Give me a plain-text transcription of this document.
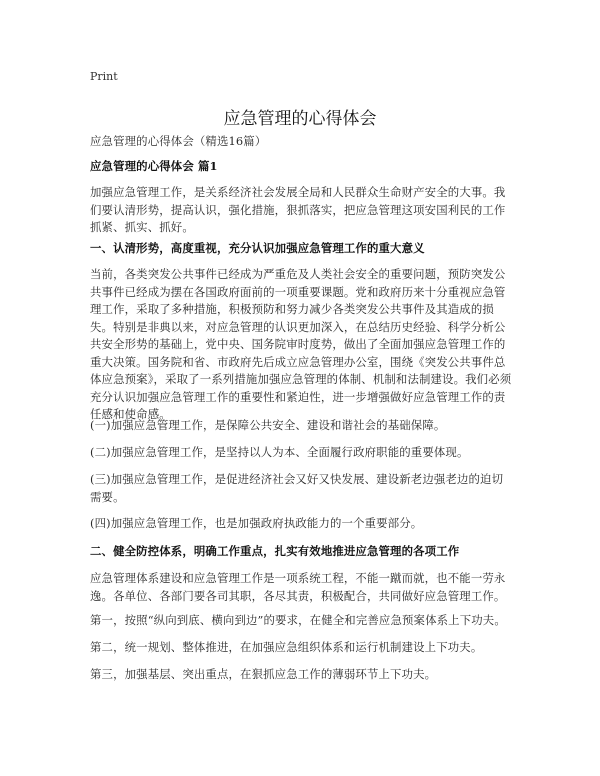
Print
应急管理的心得体会

应急管理的心得体会（精选16篇）

应急管理的心得体会 篇1

加强应急管理工作，是关系经济社会发展全局和人民群众生命财产安全的大事。我们要认清形势，提高认识，强化措施，狠抓落实，把应急管理这项安国利民的工作抓紧、抓实、抓好。

一、认清形势，高度重视，充分认识加强应急管理工作的重大意义

当前，各类突发公共事件已经成为严重危及人类社会安全的重要问题，预防突发公共事件已经成为摆在各国政府面前的一项重要课题。党和政府历来十分重视应急管理工作，采取了多种措施，积极预防和努力减少各类突发公共事件及其造成的损失。特别是非典以来，对应急管理的认识更加深入，在总结历史经验、科学分析公共安全形势的基础上，党中央、国务院审时度势，做出了全面加强应急管理工作的重大决策。国务院和省、市政府先后成立应急管理办公室，围绕《突发公共事件总体应急预案》，采取了一系列措施加强应急管理的体制、机制和法制建设。我们必须充分认识加强应急管理工作的重要性和紧迫性，进一步增强做好应急管理工作的责任感和使命感。

(一)加强应急管理工作，是保障公共安全、建设和谐社会的基础保障。

(二)加强应急管理工作，是坚持以人为本、全面履行政府职能的重要体现。

(三)加强应急管理工作，是促进经济社会又好又快发展、建设新老边强老边的迫切需要。

(四)加强应急管理工作，也是加强政府执政能力的一个重要部分。

二、健全防控体系，明确工作重点，扎实有效地推进应急管理的各项工作

应急管理体系建设和应急管理工作是一项系统工程，不能一蹴而就，也不能一劳永逸。各单位、各部门要各司其职，各尽其责，积极配合，共同做好应急管理工作。

第一，按照“纵向到底、横向到边”的要求，在健全和完善应急预案体系上下功夫。

第二，统一规划、整体推进，在加强应急组织体系和运行机制建设上下功夫。

第三，加强基层、突出重点，在狠抓应急工作的薄弱环节上下功夫。
